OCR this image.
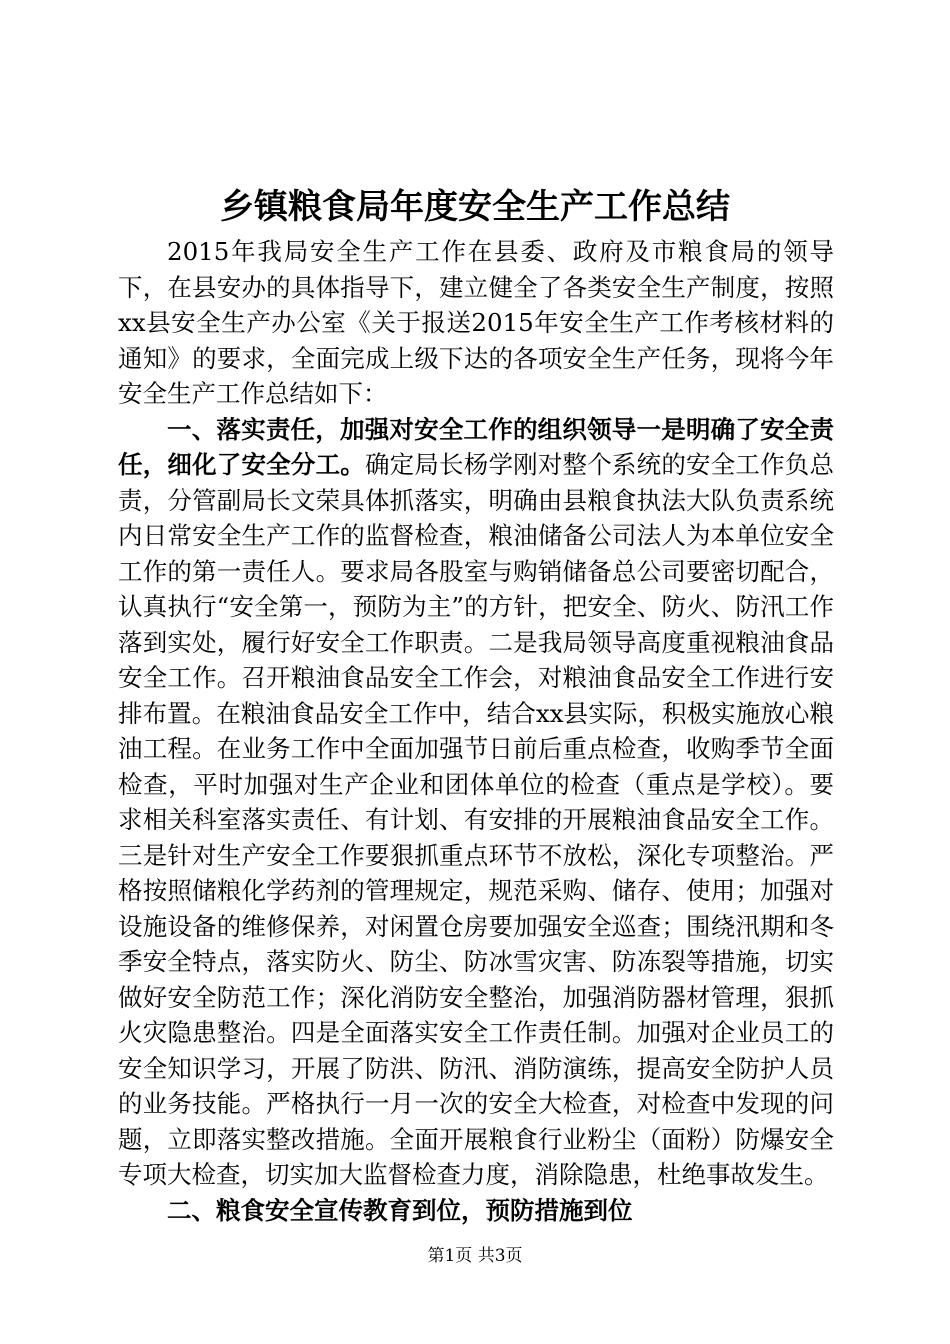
乡镇粮食局年度安全生产工作总结

2015年我局安全生产工作在县委、政府及市粮食局的领导下，在县安办的具体指导下，建立健全了各类安全生产制度，按照xx县安全生产办公室《关于报送2015年安全生产工作考核材料的通知》的要求，全面完成上级下达的各项安全生产任务，现将今年安全生产工作总结如下：

一、落实责任，加强对安全工作的组织领导一是明确了安全责任，细化了安全分工。确定局长杨学刚对整个系统的安全工作负总责，分管副局长文荣具体抓落实，明确由县粮食执法大队负责系统内日常安全生产工作的监督检查，粮油储备公司法人为本单位安全工作的第一责任人。要求局各股室与购销储备总公司要密切配合，认真执行“安全第一，预防为主”的方针，把安全、防火、防汛工作落到实处，履行好安全工作职责。二是我局领导高度重视粮油食品安全工作。召开粮油食品安全工作会，对粮油食品安全工作进行安排布置。在粮油食品安全工作中，结合xx县实际，积极实施放心粮油工程。在业务工作中全面加强节日前后重点检查，收购季节全面检查，平时加强对生产企业和团体单位的检查（重点是学校）。要求相关科室落实责任、有计划、有安排的开展粮油食品安全工作。三是针对生产安全工作要狠抓重点环节不放松，深化专项整治。严格按照储粮化学药剂的管理规定，规范采购、储存、使用；加强对设施设备的维修保养，对闲置仓房要加强安全巡查；围绕汛期和冬季安全特点，落实防火、防尘、防冰雪灾害、防冻裂等措施，切实做好安全防范工作；深化消防安全整治，加强消防器材管理，狠抓火灾隐患整治。四是全面落实安全工作责任制。加强对企业员工的安全知识学习，开展了防洪、防汛、消防演练，提高安全防护人员的业务技能。严格执行一月一次的安全大检查，对检查中发现的问题，立即落实整改措施。全面开展粮食行业粉尘（面粉）防爆安全专项大检查，切实加大监督检查力度，消除隐患，杜绝事故发生。

二、粮食安全宣传教育到位，预防措施到位

第1页 共3页
